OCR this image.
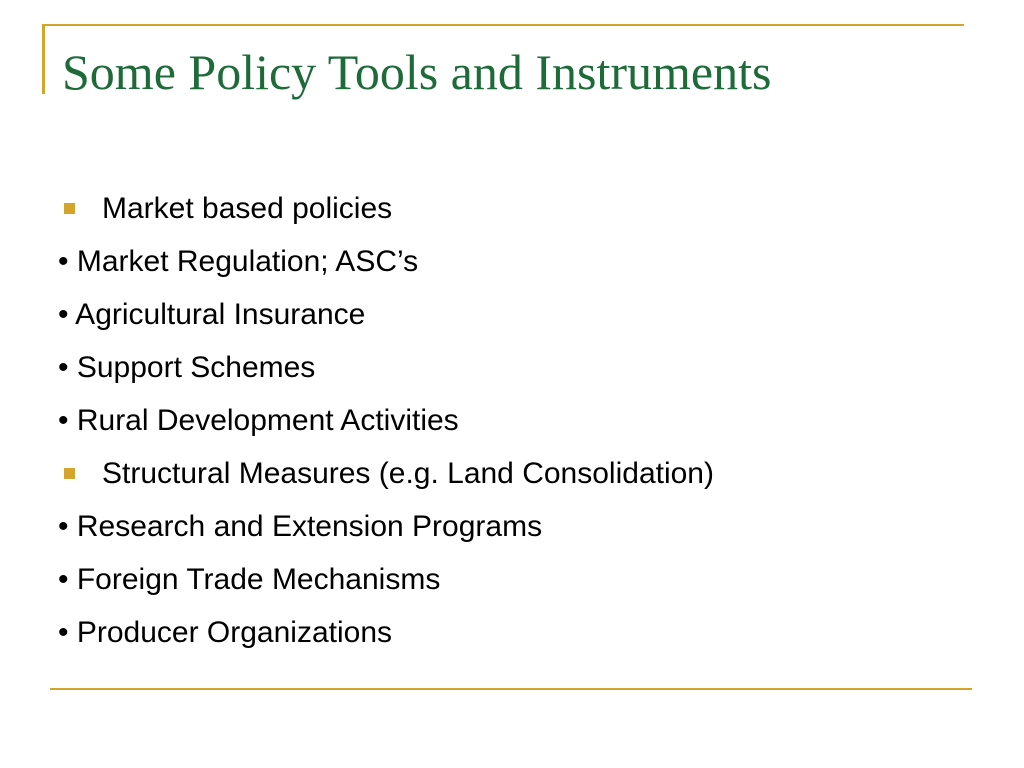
Some Policy Tools and Instruments
Market based policies
• Market Regulation; ASC’s
• Agricultural Insurance
• Support Schemes
• Rural Development Activities
Structural Measures (e.g. Land Consolidation)
• Research and Extension Programs
• Foreign Trade Mechanisms
• Producer Organizations
